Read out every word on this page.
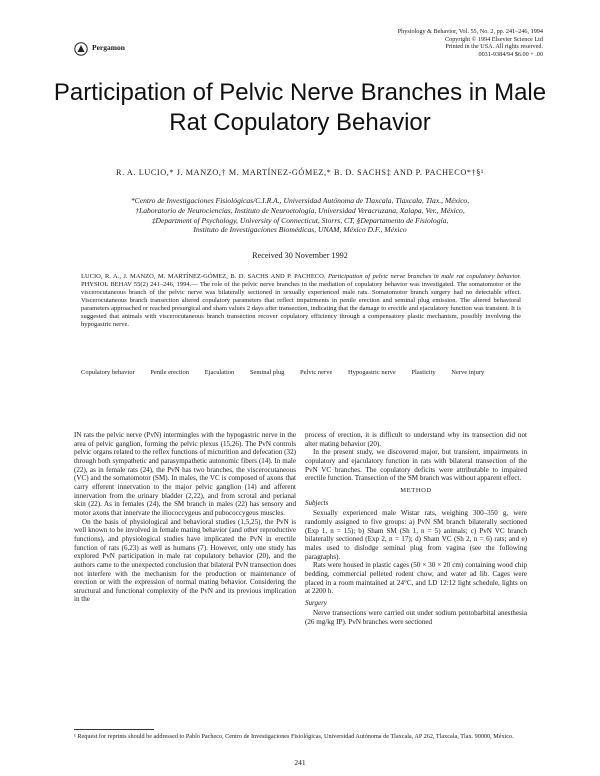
Pergamon
Physiology & Behavior, Vol. 55, No. 2, pp. 241–246, 1994
Copyright © 1994 Elsevier Science Ltd
Printed in the USA. All rights reserved.
0031-9384/94 $6.00 + .00
Participation of Pelvic Nerve Branches in Male
Rat Copulatory Behavior
R. A. LUCIO,* J. MANZO,† M. MARTÍNEZ-GÓMEZ,* B. D. SACHS‡ AND P. PACHECO*†§¹
*Centro de Investigaciones Fisiológicas/C.I.R.A., Universidad Autónoma de Tlaxcala, Tlaxcala, Tlax., México,
†Laboratorio de Neurociencias, Instituto de Neuroetología, Universidad Veracruzana, Xalapa, Ver., México,
‡Department of Psychology, University of Connecticut, Storrs, CT, §Departamento de Fisiología,
Instituto de Investigaciones Biomédicas, UNAM, México D.F., México
Received 30 November 1992
LUCIO, R. A., J. MANZO, M. MARTÍNEZ-GÓMEZ, B. D. SACHS AND P. PACHECO. Participation of pelvic nerve branches in male rat copulatory behavior. PHYSIOL BEHAV 55(2) 241–246, 1994.— The role of the pelvic nerve branches in the mediation of copulatory behavior was investigated. The somatomotor or the viscerocutaneous branch of the pelvic nerve was bilaterally sectioned in sexually experienced male rats. Somatomotor branch surgery had no detectable effect. Viscerocutaneous branch transection altered copulatory parameters that reflect impairments in penile erection and seminal plug emission. The altered behavioral parameters approached or reached presurgical and sham values 2 days after transection, indicating that the damage to erectile and ejaculatory function was transient. It is suggested that animals with viscerocutaneous branch transection recover copulatory efficiency through a compensatory plastic mechanism, possibly involving the hypogastric nerve.
Copulatory behavior Penile erection Ejaculation Seminal plug Pelvic nerve Hypogastric nerve Plasticity Nerve injury

IN rats the pelvic nerve (PvN) intermingles with the hypogastric nerve in the area of pelvic ganglion, forming the pelvic plexus (15,26). The PvN controls pelvic organs related to the reflex functions of micturition and defecation (32) through both sympathetic and parasympathetic autonomic fibers (14). In male (22), as in female rats (24), the PvN has two branches, the viscerocutaneous (VC) and the somatomotor (SM). In males, the VC is composed of axons that carry efferent innervation to the major pelvic ganglion (14) and afferent innervation from the urinary bladder (2,22), and from scrotal and perianal skin (22). As in females (24), the SM branch in males (22) has sensory and motor axons that innervate the iliococcygeus and pubococcygeus muscles.

On the basis of physiological and behavioral studies (1,5,25), the PvN is well known to be involved in female mating behavior (and other reproductive functions), and physiological studies have implicated the PvN in erectile function of rats (6,23) as well as humans (7). However, only one study has explored PvN participation in male rat copulatory behavior (20), and the authors came to the unexpected conclusion that bilateral PvN transection does not interfere with the mechanism for the production or maintenance of erection or with the expression of normal mating behavior. Considering the structural and functional complexity of the PvN and its previous implication in the

process of erection, it is difficult to understand why its transection did not alter mating behavior (20).

In the present study, we discovered major, but transient, impairments in copulatory and ejaculatory function in rats with bilateral transection of the PvN VC branches. The copulatory deficits were attributable to impaired erectile function. Transection of the SM branch was without apparent effect.

METHOD
Subjects

Sexually experienced male Wistar rats, weighing 300–350 g, were randomly assigned to five groups: a) PvN SM branch bilaterally sectioned (Exp 1, n = 15); b) Sham SM (Sh 1, n = 5) animals; c) PvN VC branch bilaterally sectioned (Exp 2, n = 17); d) Sham VC (Sh 2, n = 6) rats; and e) males used to dislodge seminal plug from vagina (see the following paragraphs).

Rats were housed in plastic cages (50 × 30 × 20 cm) containing wood chip bedding, commercial pelleted rodent chow, and water ad lib. Cages were placed in a room maintained at 24°C, and LD 12:12 light schedule, lights on at 2200 h.

Surgery

Nerve transections were carried out under sodium pentobarbital anesthesia (26 mg/kg IP). PvN branches were sectioned

¹ Request for reprints should be addressed to Pablo Pacheco, Centro de Investigaciones Fisiológicas, Universidad Autónoma de Tlaxcala, AP 262, Tlaxcala, Tlax. 90000, México.
241
